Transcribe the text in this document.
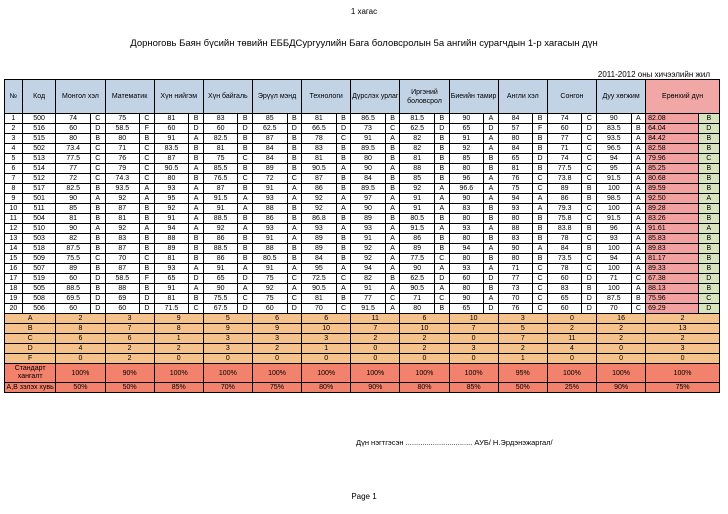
1 хагас
Дорноговь Баян бүсийн төвийн ЕББДСургуулийн Бага боловсролын 5а ангийн сурагчдын 1-р хагасын дүн
2011-2012 оны хичээлийн жил
№	Код	Монгол хэл		Математик		Хүн нийгэм		Хүн байгаль		Эрүүл мэнд		Технологи		Дүрслэх урлаг		Иргэний боловсрол		Биеийн тамир		Англи хэл		Сонгон		Дуу хөгжим		Ерөнхий дүн	
1	500	74	C	75	C	81	B	83	B	85	B	81	B	86.5	B	81.5	B	90	A	84	B	74	C	90	A	82.08	B
2	516	60	D	58.5	F	60	D	60	D	62.5	D	66.5	D	73	C	62.5	D	65	D	57	F	60	D	83.5	B	64.04	D
3	515	80	B	80	B	91	A	82.5	B	87	B	78	C	91	A	82	B	91	A	80	B	77	C	93.5	A	84.42	B
4	502	73.4	C	71	C	83.5	B	81	B	84	B	83	B	89.5	B	82	B	92	A	84	B	71	C	96.5	A	82.58	B
5	513	77.5	C	76	C	87	B	75	C	84	B	81	B	80	B	81	B	85	B	65	D	74	C	94	A	79.96	C
6	514	77	C	79	C	90.5	A	85.5	B	89	B	90.5	A	90	A	88	B	80	B	81	B	77.5	C	95	A	85.25	B
7	512	72	C	74.3	C	80	B	76.5	C	72	C	87	B	84	B	85	B	96	A	76	C	73.8	C	91.5	A	80.68	B
8	517	82.5	B	93.5	A	93	A	87	B	91	A	86	B	89.5	B	92	A	96.6	A	75	C	89	B	100	A	89.59	B
9	501	90	A	92	A	95	A	91.5	A	93	A	92	A	97	A	91	A	90	A	94	A	86	B	98.5	A	92.50	A
10	511	85	B	87	B	92	A	91	A	88	B	92	A	90	A	91	A	83	B	93	A	79.3	C	100	A	89.28	B
11	504	81	B	81	B	91	A	88.5	B	86	B	86.8	B	89	B	80.5	B	80	B	80	B	75.8	C	91.5	A	83.26	B
12	510	90	A	92	A	94	A	92	A	93	A	93	A	93	A	91.5	A	93	A	88	B	83.8	B	96	A	91.61	A
13	503	82	B	83	B	88	B	86	B	91	A	89	B	91	A	86	B	80	B	83	B	78	C	93	A	85.83	B
14	518	87.5	B	87	B	89	B	88.5	B	88	B	89	B	92	A	89	B	94	A	90	A	84	B	100	A	89.83	B
15	509	75.5	C	70	C	81	B	86	B	80.5	B	84	B	92	A	77.5	C	80	B	80	B	73.5	C	94	A	81.17	B
16	507	89	B	87	B	93	A	91	A	91	A	95	A	94	A	90	A	93	A	71	C	78	C	100	A	89.33	B
17	519	60	D	58.5	F	65	D	65	D	75	C	72.5	C	82	B	62.5	D	60	D	77	C	60	D	71	C	67.38	D
18	505	88.5	B	88	B	91	A	90	A	92	A	90.5	A	91	A	90.5	A	80	B	73	C	83	B	100	A	88.13	B
19	508	69.5	D	69	D	81	B	75.5	C	75	C	81	B	77	C	71	C	90	A	70	C	65	D	87.5	B	75.96	C
20	506	60	D	60	D	71.5	C	67.5	D	60	D	70	C	91.5	A	80	B	65	D	76	C	60	D	70	C	69.29	D
A		2		3		9		5		6		6		11		6		10		3		0		16		2	
B		8		7		8		9		9		10		7		10		7		5		2		2		13	
C		6		6		1		3		3		3		2		2		0		7		11		2		2	
D		4		2		2		3		2		1		0		2		3		2		4		0		3	
F		0		2		0		0		0		0		0		0		0		1		0		0		0	
Стандарт хангалт		100%		90%		100%		100%		100%		100%		100%		100%		100%		95%		100%		100%		100%	
А,В зэлэх хувь		50%		50%		85%		70%		75%		80%		90%		80%		85%		50%		25%		90%		75%	
Дүн нэгтгэсэн ................................ АУБ/ Н.Эрдэнэжаргал/
Page 1
